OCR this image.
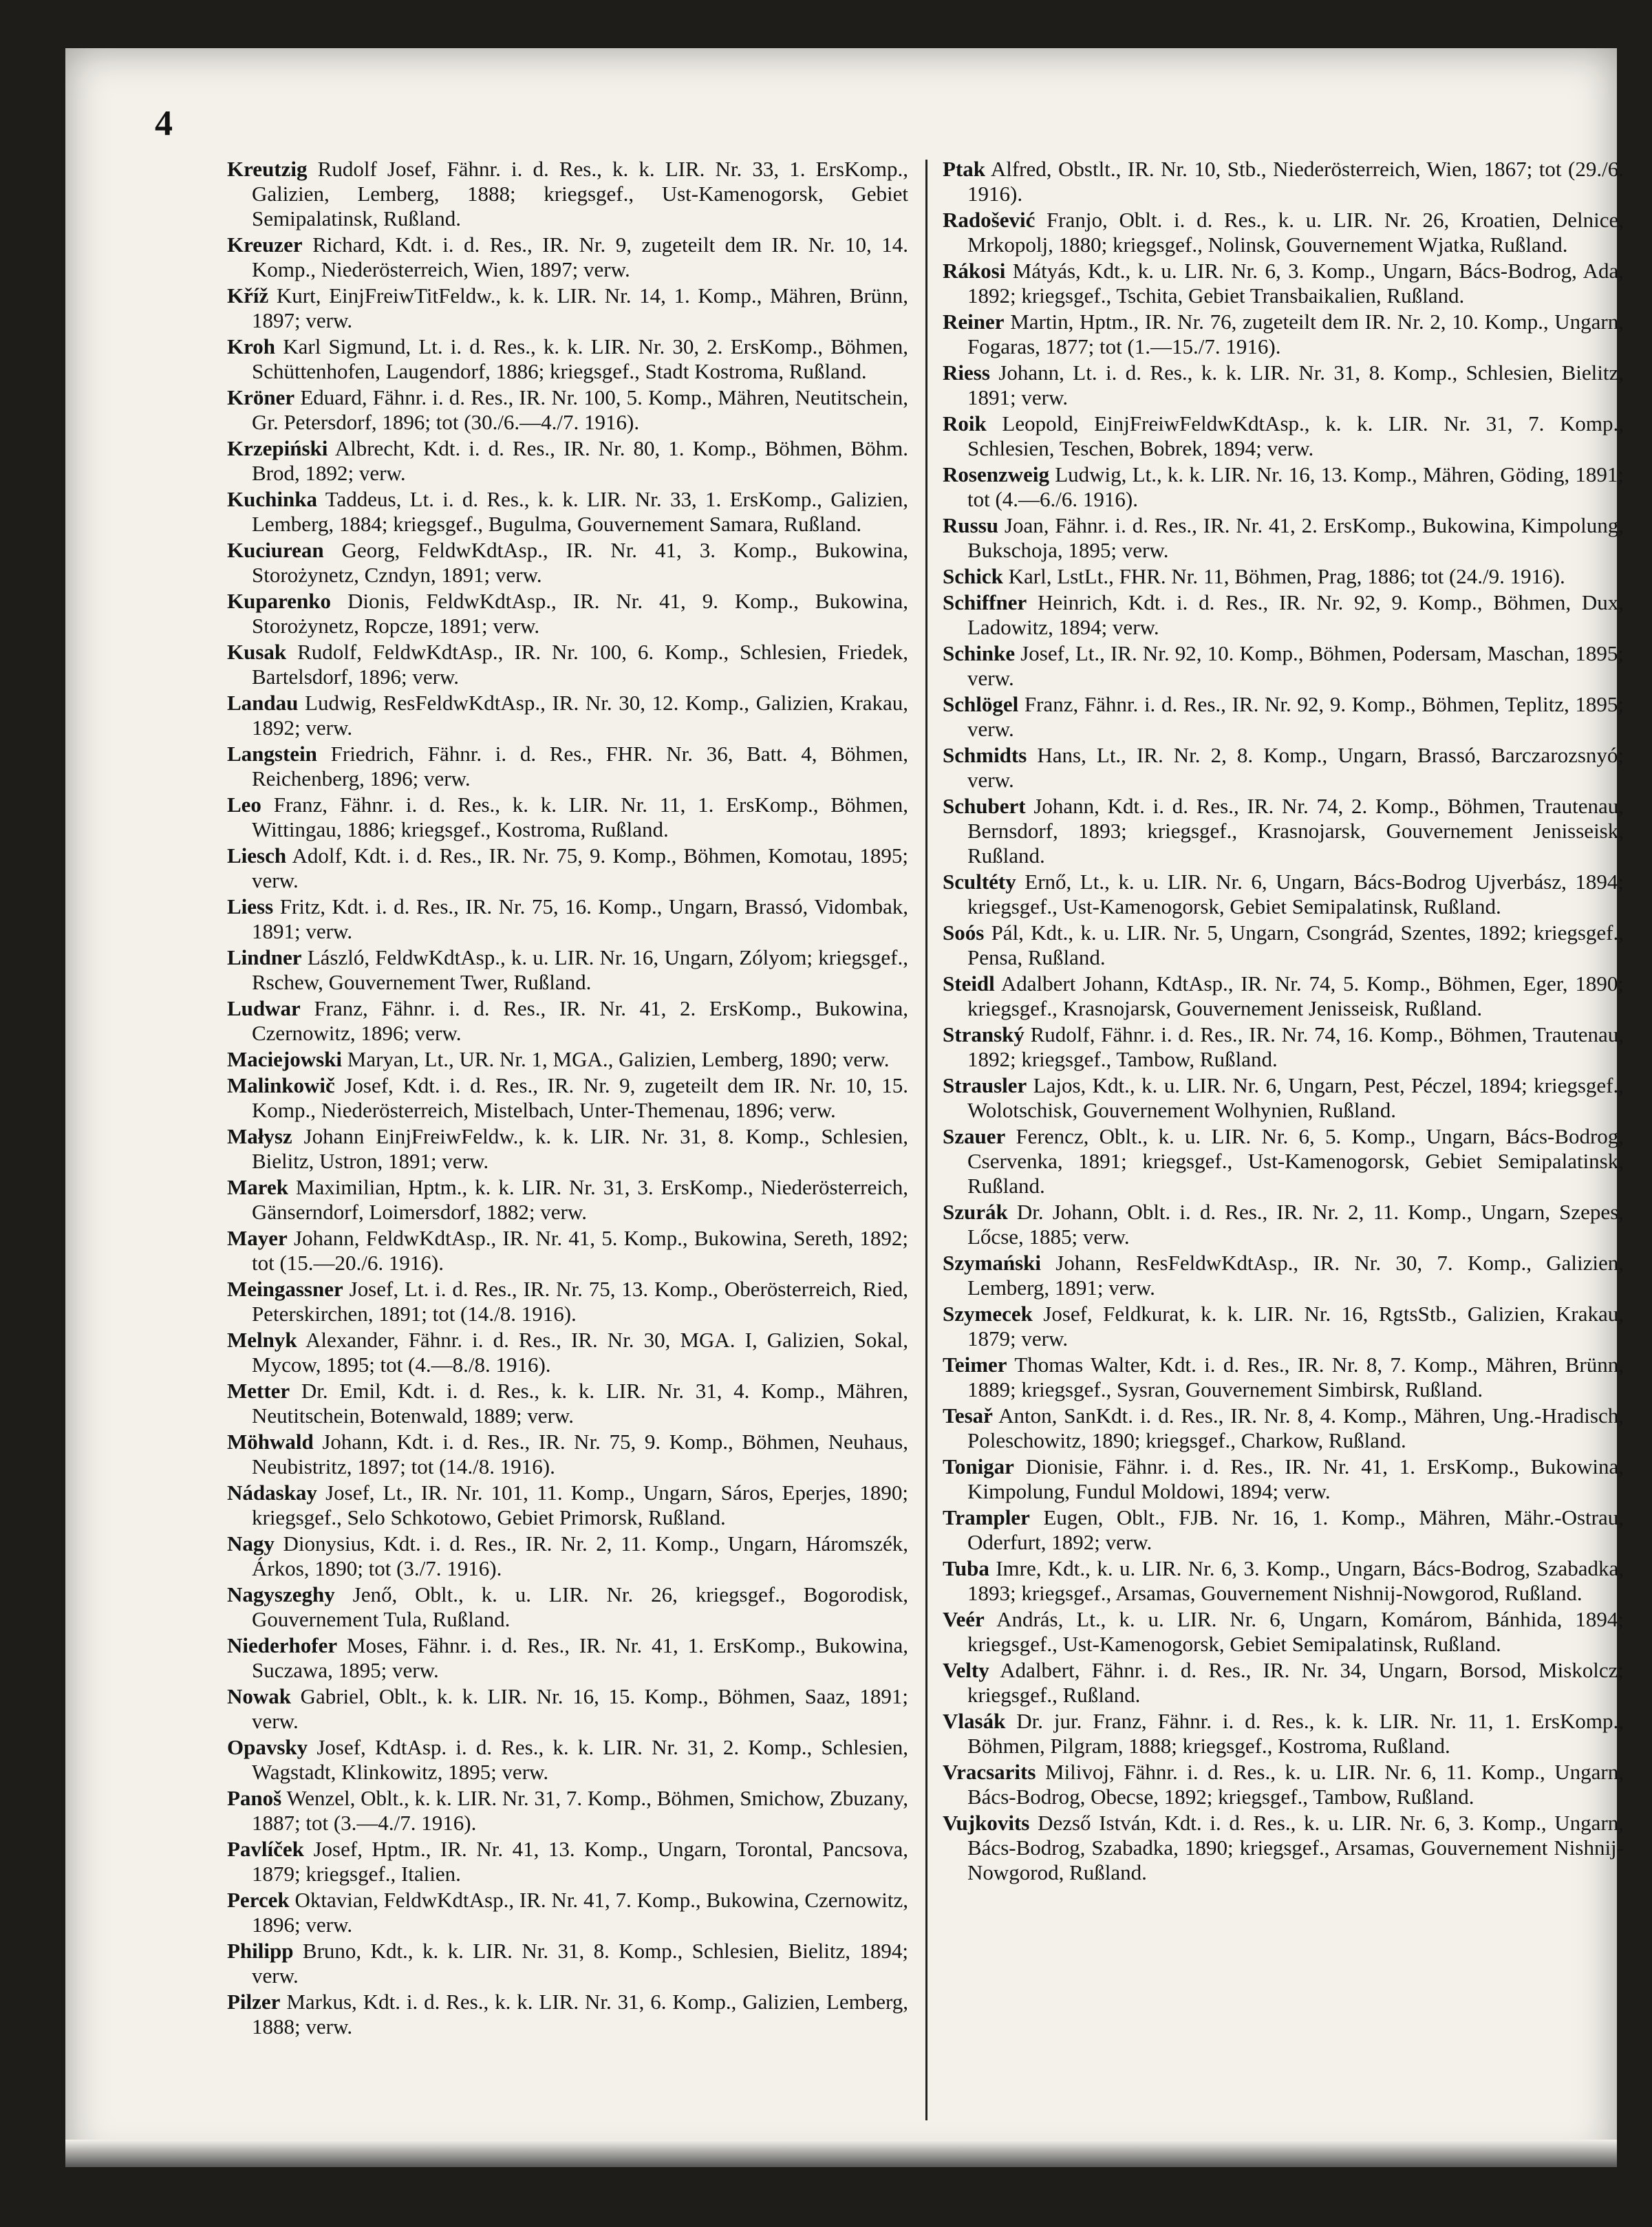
4

Kreutzig Rudolf Josef, Fähnr. i. d. Res., k. k. LIR. Nr. 33, 1. ErsKomp., Galizien, Lemberg, 1888; kriegsgef., Ust-Kamenogorsk, Gebiet Semipalatinsk, Rußland.

Kreuzer Richard, Kdt. i. d. Res., IR. Nr. 9, zugeteilt dem IR. Nr. 10, 14. Komp., Niederösterreich, Wien, 1897; verw.

Kříž Kurt, EinjFreiwTitFeldw., k. k. LIR. Nr. 14, 1. Komp., Mähren, Brünn, 1897; verw.

Kroh Karl Sigmund, Lt. i. d. Res., k. k. LIR. Nr. 30, 2. ErsKomp., Böhmen, Schüttenhofen, Laugendorf, 1886; kriegsgef., Stadt Kostroma, Rußland.

Kröner Eduard, Fähnr. i. d. Res., IR. Nr. 100, 5. Komp., Mähren, Neutitschein, Gr. Petersdorf, 1896; tot (30./6.—4./7. 1916).

Krzepiński Albrecht, Kdt. i. d. Res., IR. Nr. 80, 1. Komp., Böhmen, Böhm. Brod, 1892; verw.

Kuchinka Taddeus, Lt. i. d. Res., k. k. LIR. Nr. 33, 1. ErsKomp., Galizien, Lemberg, 1884; kriegsgef., Bugulma, Gouvernement Samara, Rußland.

Kuciurean Georg, FeldwKdtAsp., IR. Nr. 41, 3. Komp., Bukowina, Storożynetz, Czndyn, 1891; verw.

Kuparenko Dionis, FeldwKdtAsp., IR. Nr. 41, 9. Komp., Bukowina, Storożynetz, Ropcze, 1891; verw.

Kusak Rudolf, FeldwKdtAsp., IR. Nr. 100, 6. Komp., Schlesien, Friedek, Bartelsdorf, 1896; verw.

Landau Ludwig, ResFeldwKdtAsp., IR. Nr. 30, 12. Komp., Galizien, Krakau, 1892; verw.

Langstein Friedrich, Fähnr. i. d. Res., FHR. Nr. 36, Batt. 4, Böhmen, Reichenberg, 1896; verw.

Leo Franz, Fähnr. i. d. Res., k. k. LIR. Nr. 11, 1. ErsKomp., Böhmen, Wittingau, 1886; kriegsgef., Kostroma, Rußland.

Liesch Adolf, Kdt. i. d. Res., IR. Nr. 75, 9. Komp., Böhmen, Komotau, 1895; verw.

Liess Fritz, Kdt. i. d. Res., IR. Nr. 75, 16. Komp., Ungarn, Brassó, Vidombak, 1891; verw.

Lindner László, FeldwKdtAsp., k. u. LIR. Nr. 16, Ungarn, Zólyom; kriegsgef., Rschew, Gouvernement Twer, Rußland.

Ludwar Franz, Fähnr. i. d. Res., IR. Nr. 41, 2. ErsKomp., Bukowina, Czernowitz, 1896; verw.

Maciejowski Maryan, Lt., UR. Nr. 1, MGA., Galizien, Lemberg, 1890; verw.

Malinkowič Josef, Kdt. i. d. Res., IR. Nr. 9, zugeteilt dem IR. Nr. 10, 15. Komp., Niederösterreich, Mistelbach, Unter-Themenau, 1896; verw.

Małysz Johann EinjFreiwFeldw., k. k. LIR. Nr. 31, 8. Komp., Schlesien, Bielitz, Ustron, 1891; verw.

Marek Maximilian, Hptm., k. k. LIR. Nr. 31, 3. ErsKomp., Niederösterreich, Gänserndorf, Loimersdorf, 1882; verw.

Mayer Johann, FeldwKdtAsp., IR. Nr. 41, 5. Komp., Bukowina, Sereth, 1892; tot (15.—20./6. 1916).

Meingassner Josef, Lt. i. d. Res., IR. Nr. 75, 13. Komp., Oberösterreich, Ried, Peterskirchen, 1891; tot (14./8. 1916).

Melnyk Alexander, Fähnr. i. d. Res., IR. Nr. 30, MGA. I, Galizien, Sokal, Mycow, 1895; tot (4.—8./8. 1916).

Metter Dr. Emil, Kdt. i. d. Res., k. k. LIR. Nr. 31, 4. Komp., Mähren, Neutitschein, Botenwald, 1889; verw.

Möhwald Johann, Kdt. i. d. Res., IR. Nr. 75, 9. Komp., Böhmen, Neuhaus, Neubistritz, 1897; tot (14./8. 1916).

Nádaskay Josef, Lt., IR. Nr. 101, 11. Komp., Ungarn, Sáros, Eperjes, 1890; kriegsgef., Selo Schkotowo, Gebiet Primorsk, Rußland.

Nagy Dionysius, Kdt. i. d. Res., IR. Nr. 2, 11. Komp., Ungarn, Háromszék, Árkos, 1890; tot (3./7. 1916).

Nagyszeghy Jenő, Oblt., k. u. LIR. Nr. 26, kriegsgef., Bogorodisk, Gouvernement Tula, Rußland.

Niederhofer Moses, Fähnr. i. d. Res., IR. Nr. 41, 1. ErsKomp., Bukowina, Suczawa, 1895; verw.

Nowak Gabriel, Oblt., k. k. LIR. Nr. 16, 15. Komp., Böhmen, Saaz, 1891; verw.

Opavsky Josef, KdtAsp. i. d. Res., k. k. LIR. Nr. 31, 2. Komp., Schlesien, Wagstadt, Klinkowitz, 1895; verw.

Panoš Wenzel, Oblt., k. k. LIR. Nr. 31, 7. Komp., Böhmen, Smichow, Zbuzany, 1887; tot (3.—4./7. 1916).

Pavlíček Josef, Hptm., IR. Nr. 41, 13. Komp., Ungarn, Torontal, Pancsova, 1879; kriegsgef., Italien.

Percek Oktavian, FeldwKdtAsp., IR. Nr. 41, 7. Komp., Bukowina, Czernowitz, 1896; verw.

Philipp Bruno, Kdt., k. k. LIR. Nr. 31, 8. Komp., Schlesien, Bielitz, 1894; verw.

Pilzer Markus, Kdt. i. d. Res., k. k. LIR. Nr. 31, 6. Komp., Galizien, Lemberg, 1888; verw.

Ptak Alfred, Obstlt., IR. Nr. 10, Stb., Niederösterreich, Wien, 1867; tot (29./6. 1916).

Radošević Franjo, Oblt. i. d. Res., k. u. LIR. Nr. 26, Kroatien, Delnice, Mrkopolj, 1880; kriegsgef., Nolinsk, Gouvernement Wjatka, Rußland.

Rákosi Mátyás, Kdt., k. u. LIR. Nr. 6, 3. Komp., Ungarn, Bács-Bodrog, Ada, 1892; kriegsgef., Tschita, Gebiet Transbaikalien, Rußland.

Reiner Martin, Hptm., IR. Nr. 76, zugeteilt dem IR. Nr. 2, 10. Komp., Ungarn, Fogaras, 1877; tot (1.—15./7. 1916).

Riess Johann, Lt. i. d. Res., k. k. LIR. Nr. 31, 8. Komp., Schlesien, Bielitz, 1891; verw.

Roik Leopold, EinjFreiwFeldwKdtAsp., k. k. LIR. Nr. 31, 7. Komp., Schlesien, Teschen, Bobrek, 1894; verw.

Rosenzweig Ludwig, Lt., k. k. LIR. Nr. 16, 13. Komp., Mähren, Göding, 1891; tot (4.—6./6. 1916).

Russu Joan, Fähnr. i. d. Res., IR. Nr. 41, 2. ErsKomp., Bukowina, Kimpolung, Bukschoja, 1895; verw.

Schick Karl, LstLt., FHR. Nr. 11, Böhmen, Prag, 1886; tot (24./9. 1916).

Schiffner Heinrich, Kdt. i. d. Res., IR. Nr. 92, 9. Komp., Böhmen, Dux, Ladowitz, 1894; verw.

Schinke Josef, Lt., IR. Nr. 92, 10. Komp., Böhmen, Podersam, Maschan, 1895; verw.

Schlögel Franz, Fähnr. i. d. Res., IR. Nr. 92, 9. Komp., Böhmen, Teplitz, 1895; verw.

Schmidts Hans, Lt., IR. Nr. 2, 8. Komp., Ungarn, Brassó, Barczarozsnyó; verw.

Schubert Johann, Kdt. i. d. Res., IR. Nr. 74, 2. Komp., Böhmen, Trautenau, Bernsdorf, 1893; kriegsgef., Krasnojarsk, Gouvernement Jenisseisk, Rußland.

Scultéty Ernő, Lt., k. u. LIR. Nr. 6, Ungarn, Bács-Bodrog Ujverbász, 1894; kriegsgef., Ust-Kamenogorsk, Gebiet Semipalatinsk, Rußland.

Soós Pál, Kdt., k. u. LIR. Nr. 5, Ungarn, Csongrád, Szentes, 1892; kriegsgef., Pensa, Rußland.

Steidl Adalbert Johann, KdtAsp., IR. Nr. 74, 5. Komp., Böhmen, Eger, 1890; kriegsgef., Krasnojarsk, Gouvernement Jenisseisk, Rußland.

Stranský Rudolf, Fähnr. i. d. Res., IR. Nr. 74, 16. Komp., Böhmen, Trautenau, 1892; kriegsgef., Tambow, Rußland.

Strausler Lajos, Kdt., k. u. LIR. Nr. 6, Ungarn, Pest, Péczel, 1894; kriegsgef., Wolotschisk, Gouvernement Wolhynien, Rußland.

Szauer Ferencz, Oblt., k. u. LIR. Nr. 6, 5. Komp., Ungarn, Bács-Bodrog, Cservenka, 1891; kriegsgef., Ust-Kamenogorsk, Gebiet Semipalatinsk, Rußland.

Szurák Dr. Johann, Oblt. i. d. Res., IR. Nr. 2, 11. Komp., Ungarn, Szepes, Lőcse, 1885; verw.

Szymański Johann, ResFeldwKdtAsp., IR. Nr. 30, 7. Komp., Galizien, Lemberg, 1891; verw.

Szymecek Josef, Feldkurat, k. k. LIR. Nr. 16, RgtsStb., Galizien, Krakau, 1879; verw.

Teimer Thomas Walter, Kdt. i. d. Res., IR. Nr. 8, 7. Komp., Mähren, Brünn, 1889; kriegsgef., Sysran, Gouvernement Simbirsk, Rußland.

Tesař Anton, SanKdt. i. d. Res., IR. Nr. 8, 4. Komp., Mähren, Ung.-Hradisch, Poleschowitz, 1890; kriegsgef., Charkow, Rußland.

Tonigar Dionisie, Fähnr. i. d. Res., IR. Nr. 41, 1. ErsKomp., Bukowina, Kimpolung, Fundul Moldowi, 1894; verw.

Trampler Eugen, Oblt., FJB. Nr. 16, 1. Komp., Mähren, Mähr.-Ostrau, Oderfurt, 1892; verw.

Tuba Imre, Kdt., k. u. LIR. Nr. 6, 3. Komp., Ungarn, Bács-Bodrog, Szabadka, 1893; kriegsgef., Arsamas, Gouvernement Nishnij-Nowgorod, Rußland.

Veér András, Lt., k. u. LIR. Nr. 6, Ungarn, Komárom, Bánhida, 1894; kriegsgef., Ust-Kamenogorsk, Gebiet Semipalatinsk, Rußland.

Velty Adalbert, Fähnr. i. d. Res., IR. Nr. 34, Ungarn, Borsod, Miskolcz; kriegsgef., Rußland.

Vlasák Dr. jur. Franz, Fähnr. i. d. Res., k. k. LIR. Nr. 11, 1. ErsKomp., Böhmen, Pilgram, 1888; kriegsgef., Kostroma, Rußland.

Vracsarits Milivoj, Fähnr. i. d. Res., k. u. LIR. Nr. 6, 11. Komp., Ungarn, Bács-Bodrog, Obecse, 1892; kriegsgef., Tambow, Rußland.

Vujkovits Dezső István, Kdt. i. d. Res., k. u. LIR. Nr. 6, 3. Komp., Ungarn, Bács-Bodrog, Szabadka, 1890; kriegsgef., Arsamas, Gouvernement Nishnij-Nowgorod, Rußland.
